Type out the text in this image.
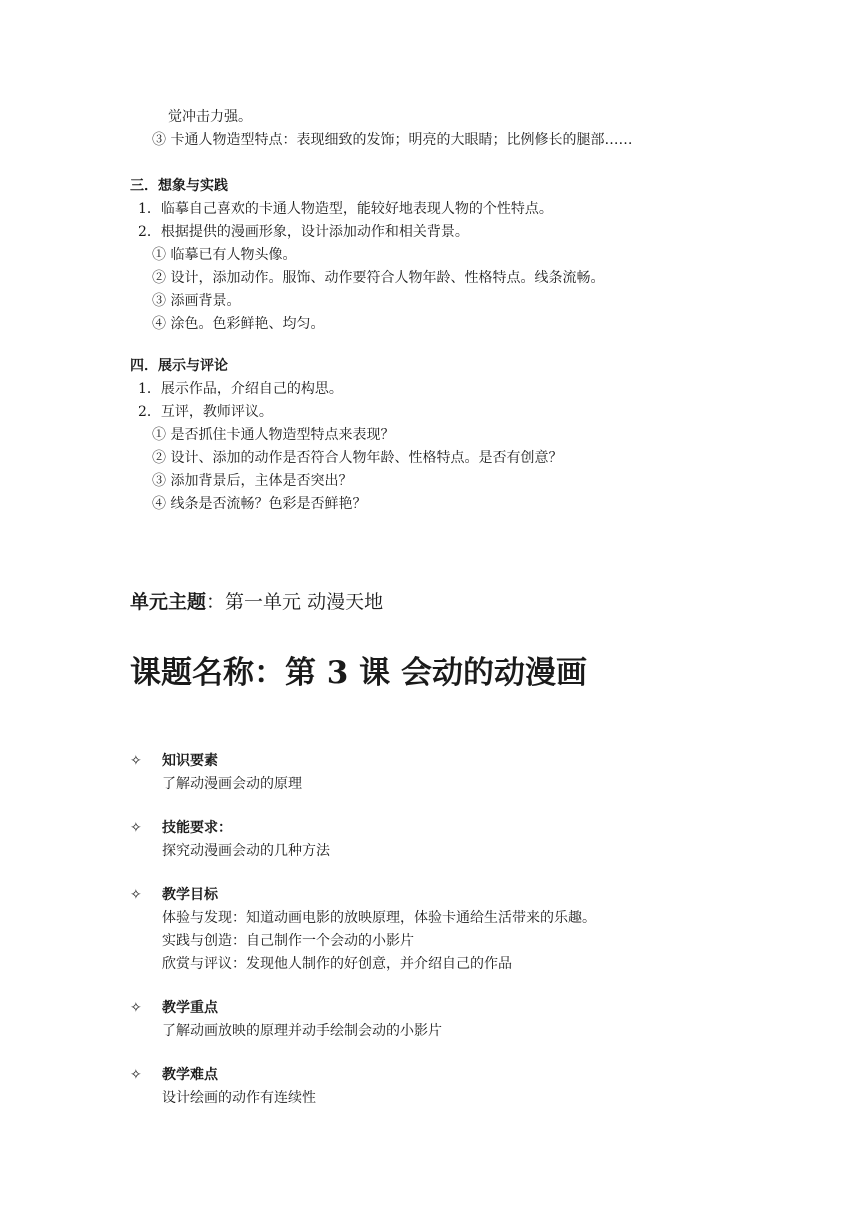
觉冲击力强。
③ 卡通人物造型特点：表现细致的发饰；明亮的大眼睛；比例修长的腿部……
三．想象与实践
1．临摹自己喜欢的卡通人物造型，能较好地表现人物的个性特点。
2．根据提供的漫画形象，设计添加动作和相关背景。
① 临摹已有人物头像。
② 设计，添加动作。服饰、动作要符合人物年龄、性格特点。线条流畅。
③ 添画背景。
④ 涂色。色彩鲜艳、均匀。
四．展示与评论
1．展示作品，介绍自己的构思。
2．互评，教师评议。
① 是否抓住卡通人物造型特点来表现？
② 设计、添加的动作是否符合人物年龄、性格特点。是否有创意？
③ 添加背景后，主体是否突出？
④ 线条是否流畅？色彩是否鲜艳？
单元主题：第一单元 动漫天地
课题名称：第 3 课 会动的动漫画
✧ 知识要素
了解动漫画会动的原理
✧ 技能要求：
探究动漫画会动的几种方法
✧ 教学目标
体验与发现：知道动画电影的放映原理，体验卡通给生活带来的乐趣。
实践与创造：自己制作一个会动的小影片
欣赏与评议：发现他人制作的好创意，并介绍自己的作品
✧ 教学重点
了解动画放映的原理并动手绘制会动的小影片
✧ 教学难点
设计绘画的动作有连续性
